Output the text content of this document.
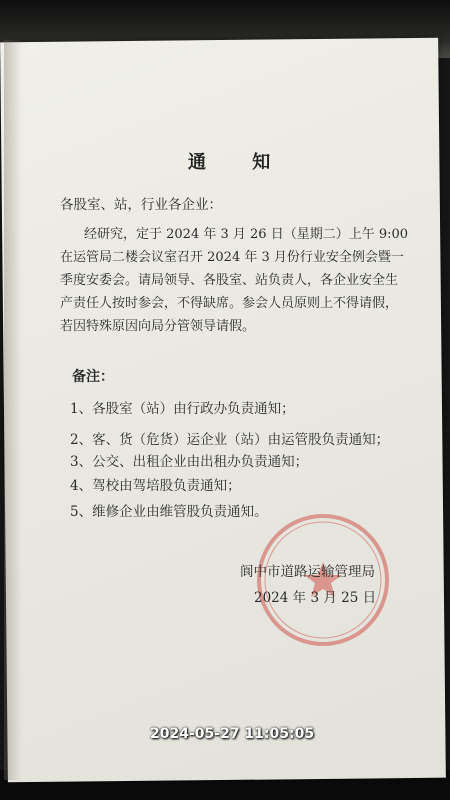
通 知
各股室、站，行业各企业：
经研究，定于 2024 年 3 月 26 日（星期二）上午 9:00
在运管局二楼会议室召开 2024 年 3 月份行业安全例会暨一
季度安委会。请局领导、各股室、站负责人，各企业安全生
产责任人按时参会，不得缺席。参会人员原则上不得请假，
若因特殊原因向局分管领导请假。
备注：
1、各股室（站）由行政办负责通知；
2、客、货（危货）运企业（站）由运管股负责通知；
3、公交、出租企业由出租办负责通知；
4、驾校由驾培股负责通知；
5、维修企业由维管股负责通知。
阆中市道路运输管理局
2024 年 3 月 25 日
2024-05-27 11:05:05
